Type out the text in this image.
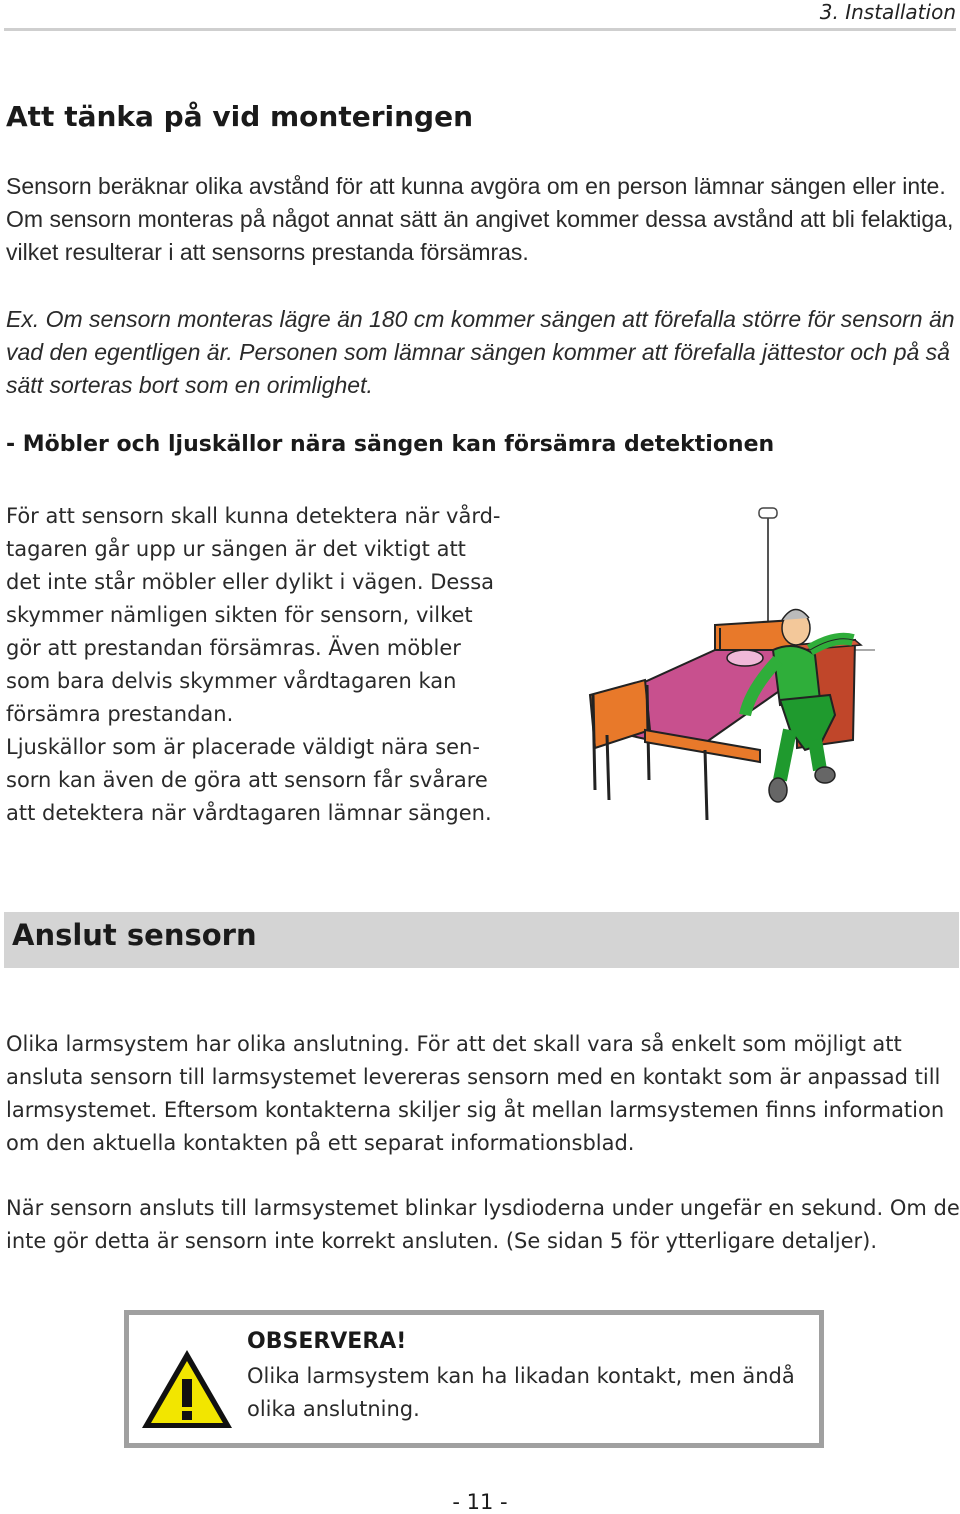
3. Installation
Att tänka på vid monteringen

Sensorn beräknar olika avstånd för att kunna avgöra om en person lämnar sängen eller inte. Om sensorn monteras på något annat sätt än angivet kommer dessa avstånd att bli felaktiga, vilket resulterar i att sensorns prestanda försämras.

Ex. Om sensorn monteras lägre än 180 cm kommer sängen att förefalla större för sensorn än vad den egentligen är. Personen som lämnar sängen kommer att förefalla jättestor och på så sätt sorteras bort som en orimlighet.

- Möbler och ljuskällor nära sängen kan försämra detektionen
För att sensorn skall kunna detektera när vård-
tagaren går upp ur sängen är det viktigt att
det inte står möbler eller dylikt i vägen. Dessa
skymmer nämligen sikten för sensorn, vilket
gör att prestandan försämras. Även möbler
som bara delvis skymmer vårdtagaren kan
försämra prestandan.
Ljuskällor som är placerade väldigt nära sen-
sorn kan även de göra att sensorn får svårare
att detektera när vårdtagaren lämnar sängen.
Anslut sensorn
Olika larmsystem har olika anslutning. För att det skall vara så enkelt som möjligt att
ansluta sensorn till larmsystemet levereras sensorn med en kontakt som är anpassad till
larmsystemet. Eftersom kontakterna skiljer sig åt mellan larmsystemen finns information
om den aktuella kontakten på ett separat informationsblad.
När sensorn ansluts till larmsystemet blinkar lysdioderna under ungefär en sekund. Om de
inte gör detta är sensorn inte korrekt ansluten. (Se sidan 5 för ytterligare detaljer).
OBSERVERA!
Olika larmsystem kan ha likadan kontakt, men ändå
olika anslutning.
- 11 -
